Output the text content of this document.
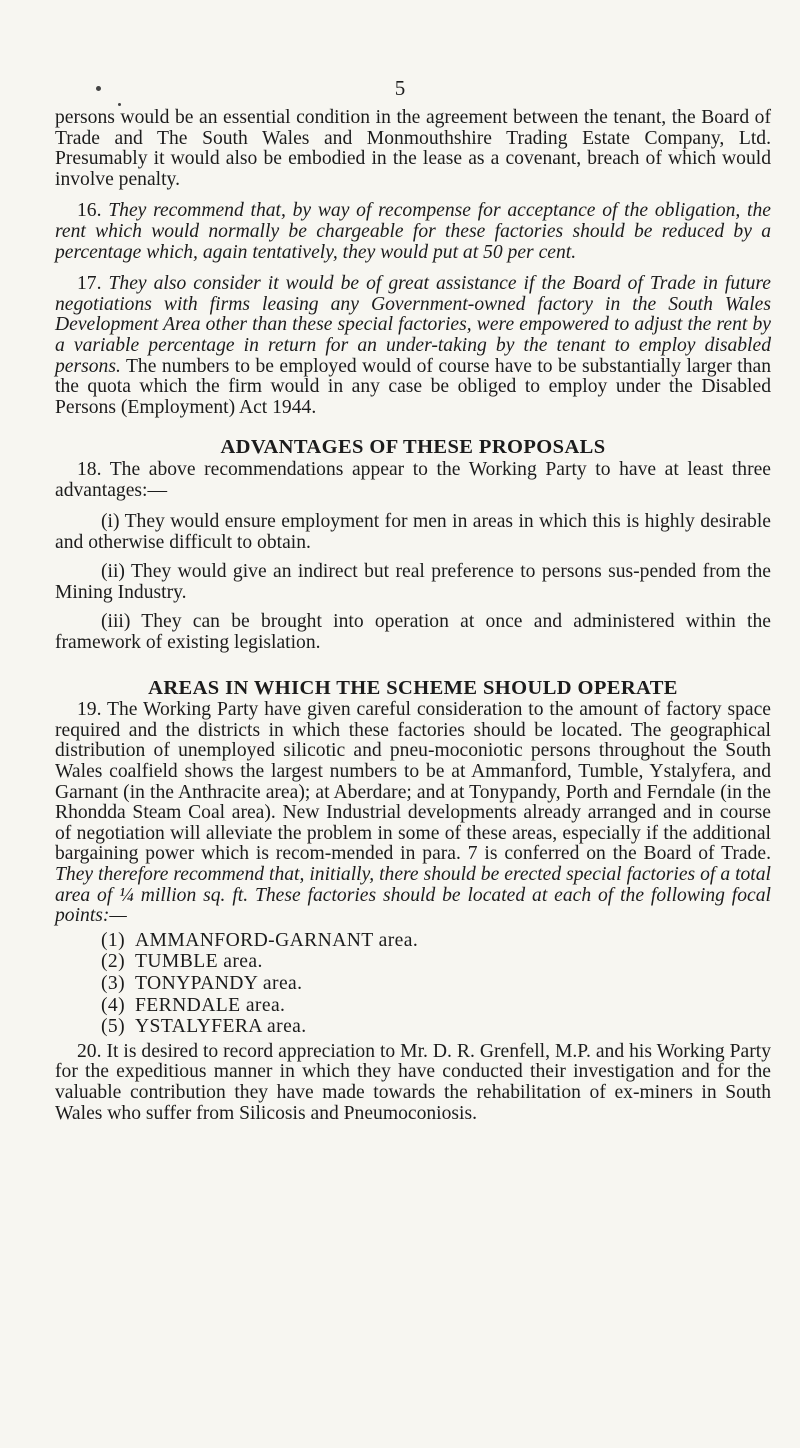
5

persons would be an essential condition in the agreement between the tenant, the Board of Trade and The South Wales and Monmouthshire Trading Estate Company, Ltd. Presumably it would also be embodied in the lease as a covenant, breach of which would involve penalty.

16. They recommend that, by way of recompense for acceptance of the obligation, the rent which would normally be chargeable for these factories should be reduced by a percentage which, again tentatively, they would put at 50 per cent.

17. They also consider it would be of great assistance if the Board of Trade in future negotiations with firms leasing any Government-owned factory in the South Wales Development Area other than these special factories, were empowered to adjust the rent by a variable percentage in return for an under-taking by the tenant to employ disabled persons. The numbers to be employed would of course have to be substantially larger than the quota which the firm would in any case be obliged to employ under the Disabled Persons (Employment) Act 1944.

ADVANTAGES OF THESE PROPOSALS

18. The above recommendations appear to the Working Party to have at least three advantages:—

(i) They would ensure employment for men in areas in which this is highly desirable and otherwise difficult to obtain.

(ii) They would give an indirect but real preference to persons sus-pended from the Mining Industry.

(iii) They can be brought into operation at once and administered within the framework of existing legislation.

AREAS IN WHICH THE SCHEME SHOULD OPERATE

19. The Working Party have given careful consideration to the amount of factory space required and the districts in which these factories should be located. The geographical distribution of unemployed silicotic and pneu-moconiotic persons throughout the South Wales coalfield shows the largest numbers to be at Ammanford, Tumble, Ystalyfera, and Garnant (in the Anthracite area); at Aberdare; and at Tonypandy, Porth and Ferndale (in the Rhondda Steam Coal area). New Industrial developments already arranged and in course of negotiation will alleviate the problem in some of these areas, especially if the additional bargaining power which is recom-mended in para. 7 is conferred on the Board of Trade. They therefore recommend that, initially, there should be erected special factories of a total area of ¼ million sq. ft. These factories should be located at each of the following focal points:—

(1) AMMANFORD-GARNANT area.
(2) TUMBLE area.
(3) TONYPANDY area.
(4) FERNDALE area.
(5) YSTALYFERA area.

20. It is desired to record appreciation to Mr. D. R. Grenfell, M.P. and his Working Party for the expeditious manner in which they have conducted their investigation and for the valuable contribution they have made towards the rehabilitation of ex-miners in South Wales who suffer from Silicosis and Pneumoconiosis.
